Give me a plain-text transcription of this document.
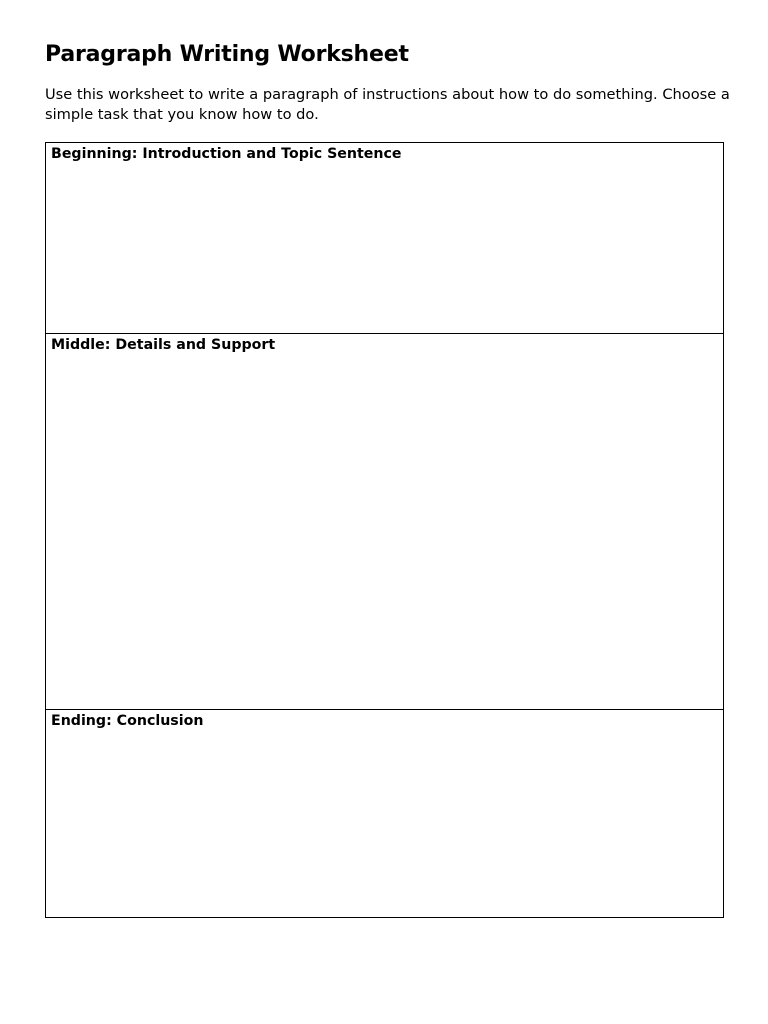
Paragraph Writing Worksheet

Use this worksheet to write a paragraph of instructions about how to do something. Choose a simple task that you know how to do.

Beginning: Introduction and Topic Sentence
Middle: Details and Support
Ending: Conclusion
